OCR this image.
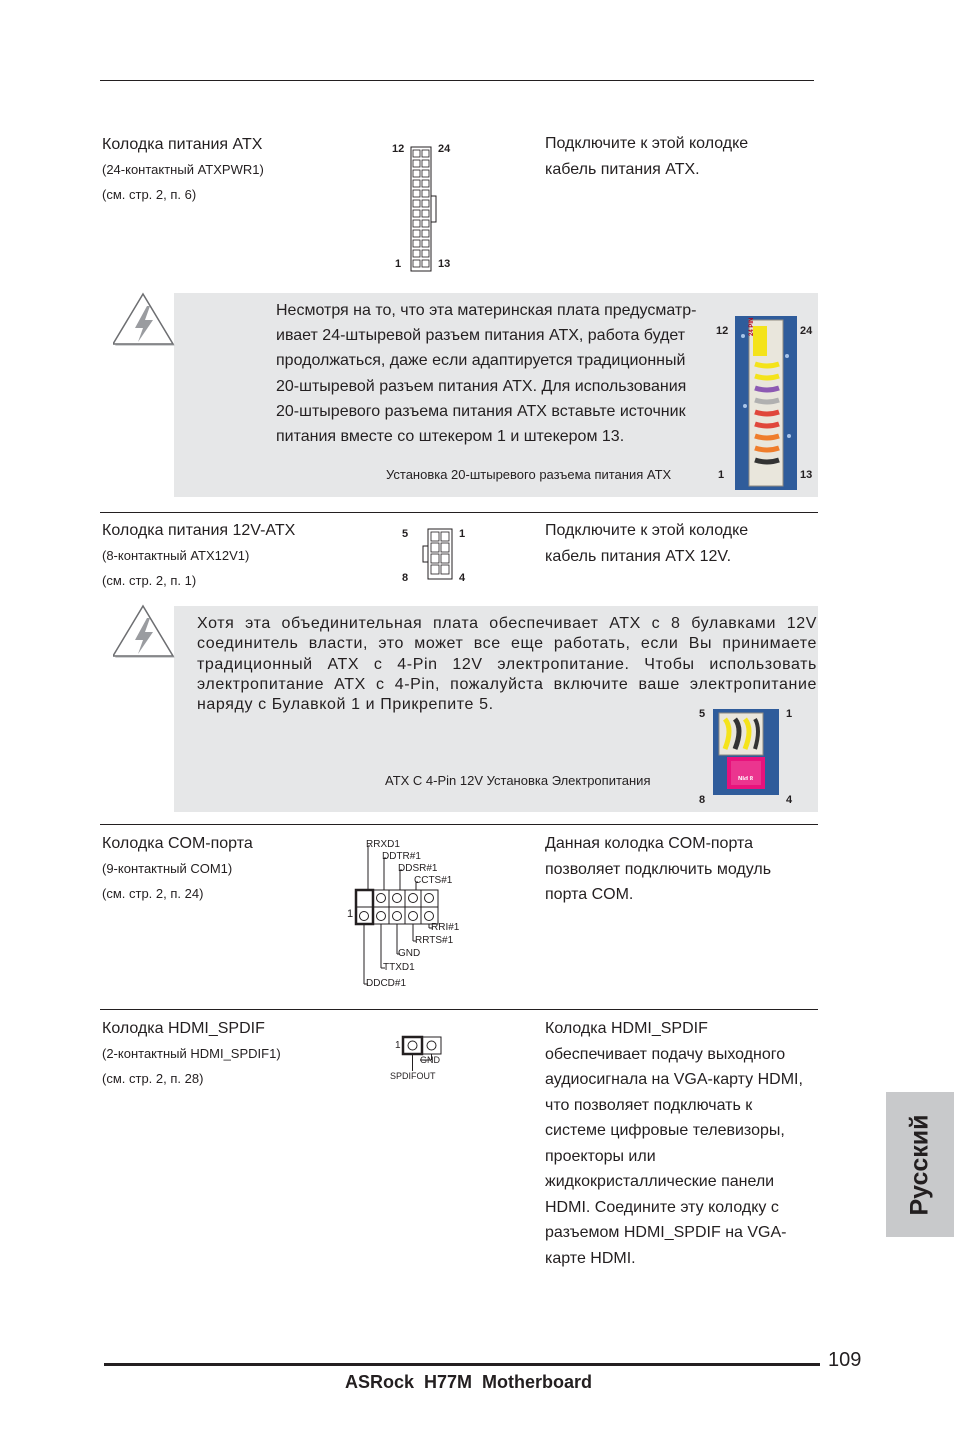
Колодка питания ATX
(24-контактный ATXPWR1)
(см. стр. 2, п. 6)
Подключите к этой колодке
кабель питания ATX.
12	24
1	13
Несмотря на то, что эта материнская плата предусматр-
ивает 24-штыревой разъем питания ATX, работа будет
продолжаться, даже если адаптируется традиционный
20-штыревой разъем питания ATX. Для использования
20-штыревого разъема питания ATX вставьте источник
питания вместе со штекером 1 и штекером 13.
Установка 20-штыревого разъема питания ATX
12	24
1	13
24 PIN
Колодка питания 12V-ATX
(8-контактный ATX12V1)
(см. стр. 2, п. 1)
Подключите к этой колодке
кабель питания ATX 12V.
5	1
8	4
Хотя эта объединительная плата обеспечивает ATX с 8 булавками 12V соединитель власти, это может все еще работать, если Вы принимаете традиционный ATX с 4-Pin 12V электропитание. Чтобы использовать электропитание ATX с 4-Pin, пожалуйста включите ваше электропитание наряду с Булавкой 1 и Прикрепите 5.
ATX С 4-Pin 12V Установка Электропитания
5	1
8	4
8 PIN
Колодка COM-порта
(9-контактный COM1)
(см. стр. 2, п. 24)
Данная колодка COM-порта
позволяет подключить модуль
порта COM.
1
RRXD1
DDTR#1
DDSR#1
CCTS#1
RRI#1
RRTS#1
GND
TTXD1
DDCD#1
Колодка HDMI_SPDIF
(2-контактный HDMI_SPDIF1)
(см. стр. 2, п. 28)
Колодка HDMI_SPDIF
обеспечивает подачу выходного
аудиосигнала на VGA-карту HDMI,
что позволяет подключать к
системе цифровые телевизоры,
проекторы или
жидкокристаллические панели
HDMI. Соедините эту колодку с
разъемом HDMI_SPDIF на VGA-
карте HDMI.
1
GND
SPDIFOUT
Русский
109
ASRock  H77M  Motherboard
